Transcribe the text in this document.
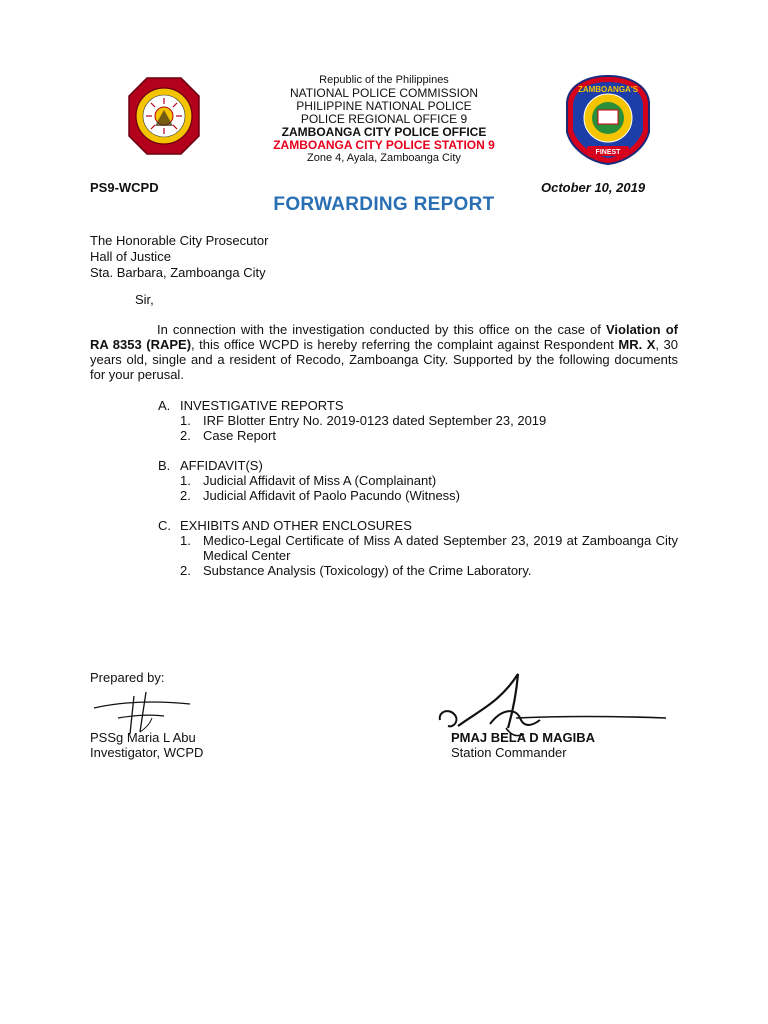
Republic of the Philippines
NATIONAL POLICE COMMISSION
PHILIPPINE NATIONAL POLICE
POLICE REGIONAL OFFICE 9
ZAMBOANGA CITY POLICE OFFICE
ZAMBOANGA CITY POLICE STATION 9
Zone 4, Ayala, Zamboanga City	FINEST
ZAMBOANGA'S
PS9-WCPD	October 10, 2019
FORWARDING REPORT
The Honorable City Prosecutor
Hall of Justice
Sta. Barbara, Zamboanga City
Sir,
In connection with the investigation conducted by this office on the case of Violation of RA 8353 (RAPE), this office WCPD is hereby referring the complaint against Respondent MR. X, 30 years old, single and a resident of Recodo, Zamboanga City. Supported by the following documents for your perusal.
A. INVESTIGATIVE REPORTS
1. IRF Blotter Entry No. 2019-0123 dated September 23, 2019
2. Case Report
B. AFFIDAVIT(S)
1. Judicial Affidavit of Miss A (Complainant)
2. Judicial Affidavit of Paolo Pacundo (Witness)
C. EXHIBITS AND OTHER ENCLOSURES
1. Medico-Legal Certificate of Miss A dated September 23, 2019 at Zamboanga City Medical Center
2. Substance Analysis (Toxicology) of the Crime Laboratory.
Prepared by:
PSSg Maria L Abu
Investigator, WCPD
PMAJ BELA D MAGIBA
Station Commander
